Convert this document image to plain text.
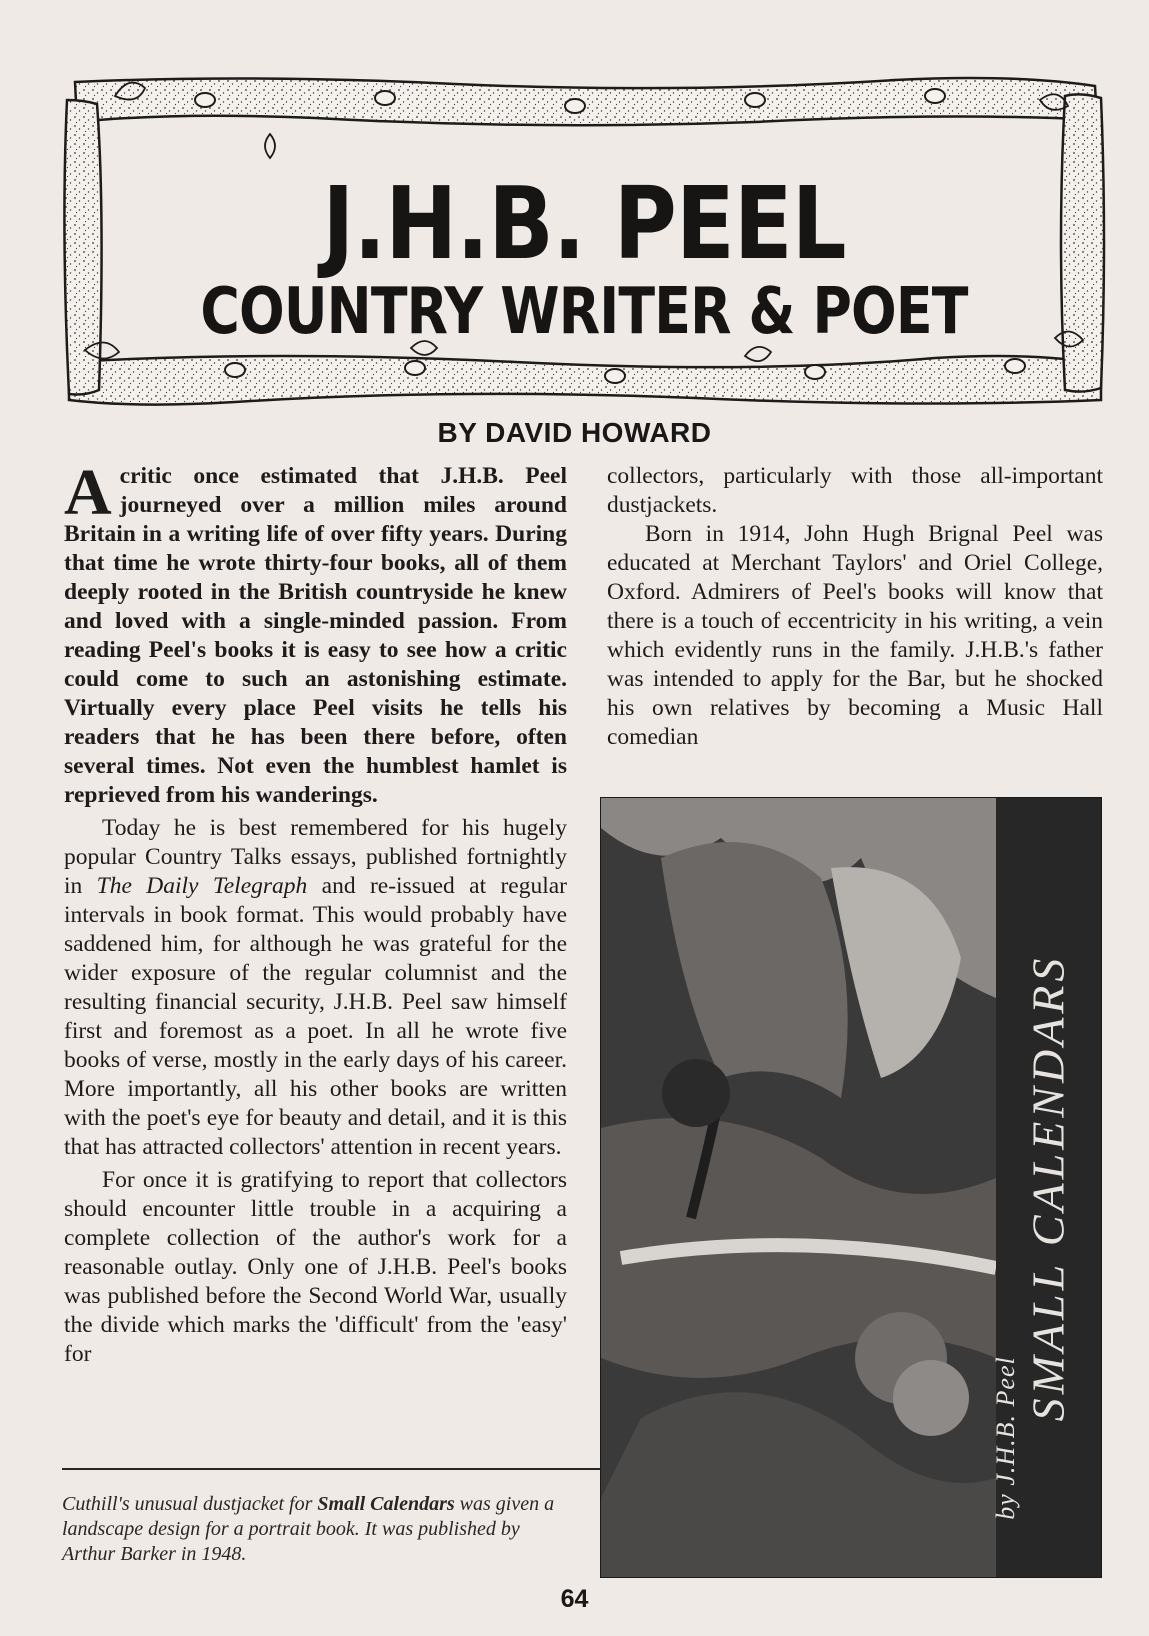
J.H.B. PEEL
COUNTRY WRITER & POET
BY DAVID HOWARD

Acritic once estimated that J.H.B. Peel journeyed over a million miles around Britain in a writing life of over fifty years. During that time he wrote thirty-four books, all of them deeply rooted in the British countryside he knew and loved with a single-minded passion. From reading Peel's books it is easy to see how a critic could come to such an astonishing estimate. Virtually every place Peel visits he tells his readers that he has been there before, often several times. Not even the humblest hamlet is reprieved from his wanderings.

Today he is best remembered for his hugely popular Country Talks essays, published fortnightly in The Daily Telegraph and re-issued at regular intervals in book format. This would probably have saddened him, for although he was grateful for the wider exposure of the regular columnist and the resulting financial security, J.H.B. Peel saw himself first and foremost as a poet. In all he wrote five books of verse, mostly in the early days of his career. More importantly, all his other books are written with the poet's eye for beauty and detail, and it is this that has attracted collectors' attention in recent years.

For once it is gratifying to report that collectors should encounter little trouble in a acquiring a complete collection of the author's work for a reasonable outlay. Only one of J.H.B. Peel's books was published before the Second World War, usually the divide which marks the 'difficult' from the 'easy' for

collectors, particularly with those all-important dustjackets.

Born in 1914, John Hugh Brignal Peel was educated at Merchant Taylors' and Oriel College, Oxford. Admirers of Peel's books will know that there is a touch of eccentricity in his writing, a vein which evidently runs in the family. J.H.B.'s father was intended to apply for the Bar, but he shocked his own relatives by becoming a Music Hall comedian

SMALL CALENDARS
by J.H.B. Peel
Cuthill's unusual dustjacket for Small Calendars was given a landscape design for a portrait book. It was published by Arthur Barker in 1948.
64
